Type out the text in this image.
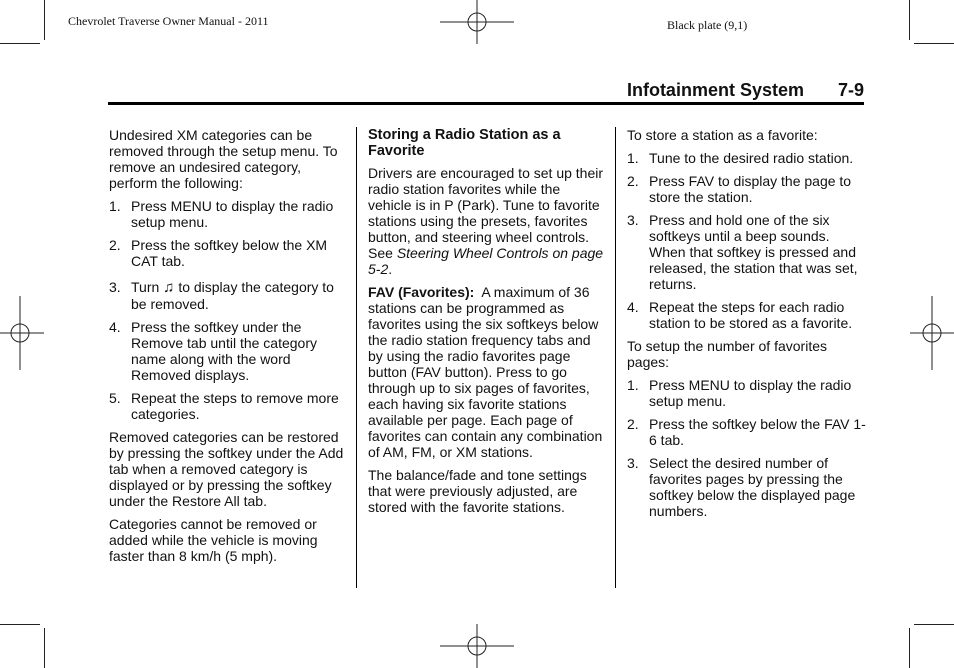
Chevrolet Traverse Owner Manual - 2011	Black plate (9,1)
Infotainment System 7-9

Undesired XM categories can be removed through the setup menu. To remove an undesired category, perform the following:

1. Press MENU to display the radio setup menu.
2. Press the softkey below the XM CAT tab.
3. Turn ♫ to display the category to be removed.
4. Press the softkey under the Remove tab until the category name along with the word Removed displays.
5. Repeat the steps to remove more categories.

Removed categories can be restored by pressing the softkey under the Add tab when a removed category is displayed or by pressing the softkey under the Restore All tab.

Categories cannot be removed or added while the vehicle is moving faster than 8 km/h (5 mph).

Storing a Radio Station as a Favorite

Drivers are encouraged to set up their radio station favorites while the vehicle is in P (Park). Tune to favorite stations using the presets, favorites button, and steering wheel controls. See Steering Wheel Controls on page 5-2.

FAV (Favorites): A maximum of 36 stations can be programmed as favorites using the six softkeys below the radio station frequency tabs and by using the radio favorites page button (FAV button). Press to go through up to six pages of favorites, each having six favorite stations available per page. Each page of favorites can contain any combination of AM, FM, or XM stations.

The balance/fade and tone settings that were previously adjusted, are stored with the favorite stations.

To store a station as a favorite:

1. Tune to the desired radio station.
2. Press FAV to display the page to store the station.
3. Press and hold one of the six softkeys until a beep sounds. When that softkey is pressed and released, the station that was set, returns.
4. Repeat the steps for each radio station to be stored as a favorite.

To setup the number of favorites pages:

1. Press MENU to display the radio setup menu.
2. Press the softkey below the FAV 1-6 tab.
3. Select the desired number of favorites pages by pressing the softkey below the displayed page numbers.
